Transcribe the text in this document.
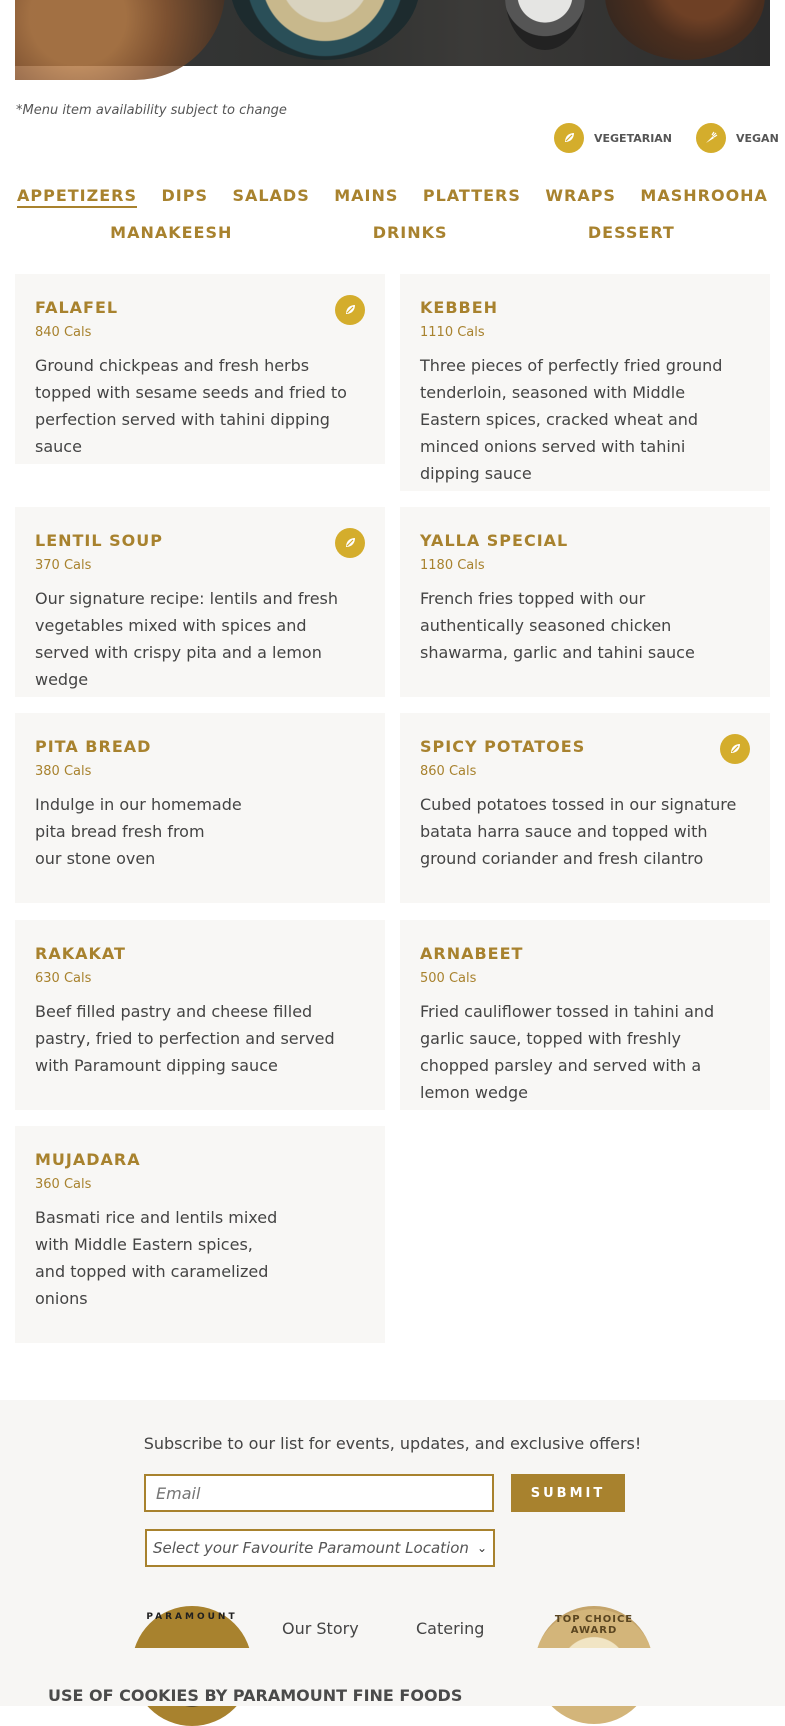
*Menu item availability subject to change
VEGETARIAN	VEGAN
APPETIZERS DIPS SALADS MAINS PLATTERS WRAPS MASHROOHA
MANAKEESH	DRINKS	DESSERT
FALAFEL
840 Cals
Ground chickpeas and fresh herbs topped with sesame seeds and fried to perfection served with tahini dipping sauce
KEBBEH
1110 Cals
Three pieces of perfectly fried ground tenderloin, seasoned with Middle Eastern spices, cracked wheat and minced onions served with tahini dipping sauce
LENTIL SOUP
370 Cals
Our signature recipe: lentils and fresh vegetables mixed with spices and served with crispy pita and a lemon wedge
YALLA SPECIAL
1180 Cals
French fries topped with our authentically seasoned chicken shawarma, garlic and tahini sauce
PITA BREAD
380 Cals
Indulge in our homemade
pita bread fresh from
our stone oven
SPICY POTATOES
860 Cals
Cubed potatoes tossed in our signature batata harra sauce and topped with ground coriander and fresh cilantro
RAKAKAT
630 Cals
Beef filled pastry and cheese filled pastry, fried to perfection and served with Paramount dipping sauce
ARNABEET
500 Cals
Fried cauliflower tossed in tahini and garlic sauce, topped with freshly chopped parsley and served with a lemon wedge
MUJADARA
360 Cals
Basmati rice and lentils mixed
with Middle Eastern spices,
and topped with caramelized
onions
Subscribe to our list for events, updates, and exclusive offers!
Email
SUBMIT
Select your Favourite Paramount Location ⌄
PARAMOUNT
Our Story	Catering	TOP CHOICE AWARD
USE OF COOKIES BY PARAMOUNT FINE FOODS
